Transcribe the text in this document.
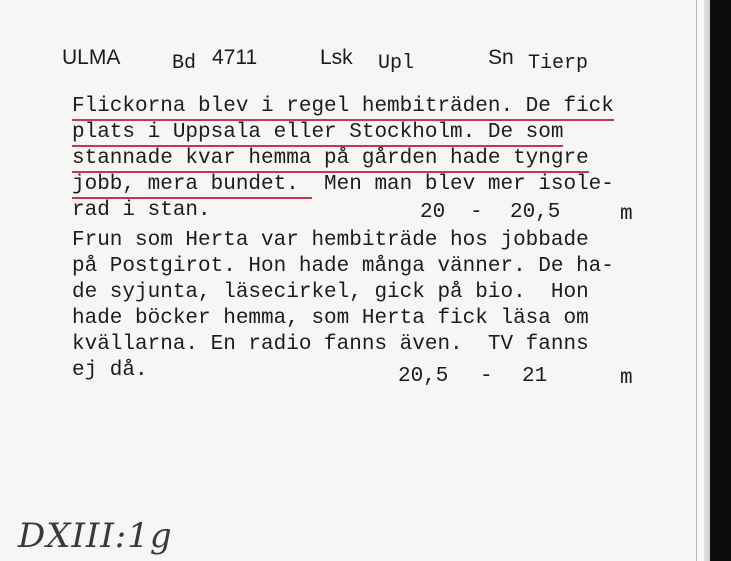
ULMA	Bd 4711	Lsk Upl	Sn Tierp
Flickorna blev i regel hembiträden. De fick
plats i Uppsala eller Stockholm. De som
stannade kvar hemma på gården hade tyngre
jobb, mera bundet.  Men man blev mer isole-
rad i stan.
Frun som Herta var hembiträde hos jobbade
på Postgirot. Hon hade många vänner. De ha-
de syjunta, läsecirkel, gick på bio.  Hon
hade böcker hemma, som Herta fick läsa om
kvällarna. En radio fanns även.  TV fanns
ej då.
20 - 20,5	m
20,5 - 21	m
DXIII:1g
